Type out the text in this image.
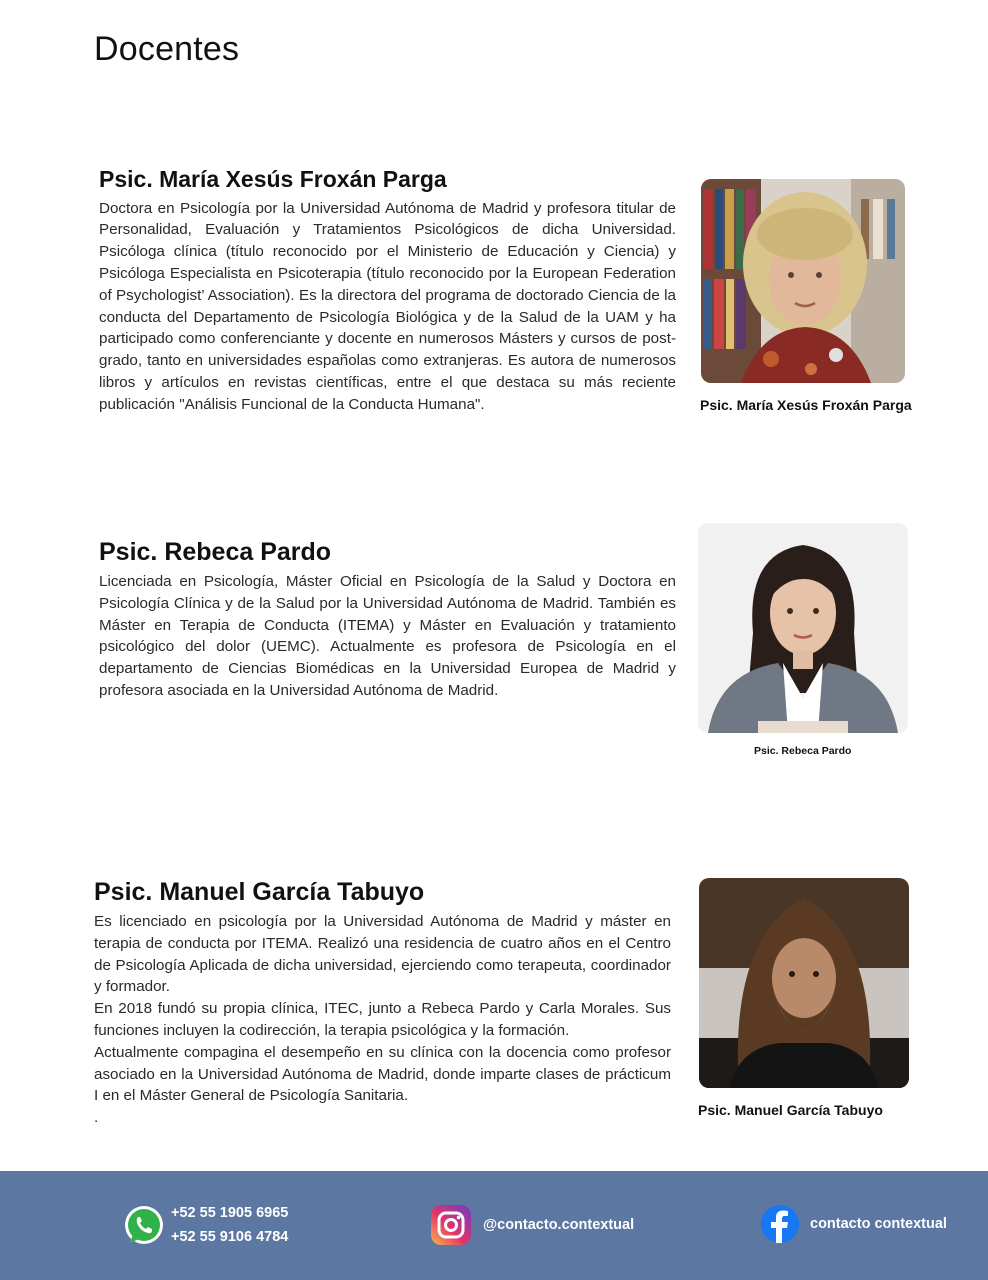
Docentes
Psic. María Xesús Froxán Parga

Doctora en Psicología por la Universidad Autónoma de Madrid y profesora titular de Personalidad, Evaluación y Tratamientos Psicológicos de dicha Universidad. Psicóloga clínica (título reconocido por el Ministerio de Educación y Ciencia) y Psicóloga Especialista en Psicoterapia (título reconocido por la European Federation of Psychologist’ Association). Es la directora del programa de doctorado Ciencia de la conducta del Departamento de Psicología Biológica y de la Salud de la UAM y ha participado como conferenciante y docente en numerosos Másters y cursos de post-grado, tanto en universidades españolas como extranjeras. Es autora de numerosos libros y artículos en revistas científicas, entre el que destaca su más reciente publicación "Análisis Funcional de la Conducta Humana".	Psic. María Xesús Froxán Parga
Psic. Rebeca Pardo

Licenciada en Psicología, Máster Oficial en Psicología de la Salud y Doctora en Psicología Clínica y de la Salud por la Universidad Autónoma de Madrid. También es Máster en Terapia de Conducta (ITEMA) y Máster en Evaluación y tratamiento psicológico del dolor (UEMC). Actualmente es profesora de Psicología en el departamento de Ciencias Biomédicas en la Universidad Europea de Madrid y profesora asociada en la Universidad Autónoma de Madrid.

Psic. Rebeca Pardo
Psic. Manuel García Tabuyo

Es licenciado en psicología por la Universidad Autónoma de Madrid y máster en terapia de conducta por ITEMA. Realizó una residencia de cuatro años en el Centro de Psicología Aplicada de dicha universidad, ejerciendo como terapeuta, coordinador y formador.

En 2018 fundó su propia clínica, ITEC, junto a Rebeca Pardo y Carla Morales. Sus funciones incluyen la codirección, la terapia psicológica y la formación.

Actualmente compagina el desempeño en su clínica con la docencia como profesor asociado en la Universidad Autónoma de Madrid, donde imparte clases de prácticum I en el Máster General de Psicología Sanitaria.

.	Psic. Manuel García Tabuyo
+52 55 1905 6965
+52 55 9106 4784
@contacto.contextual	contacto contextual
